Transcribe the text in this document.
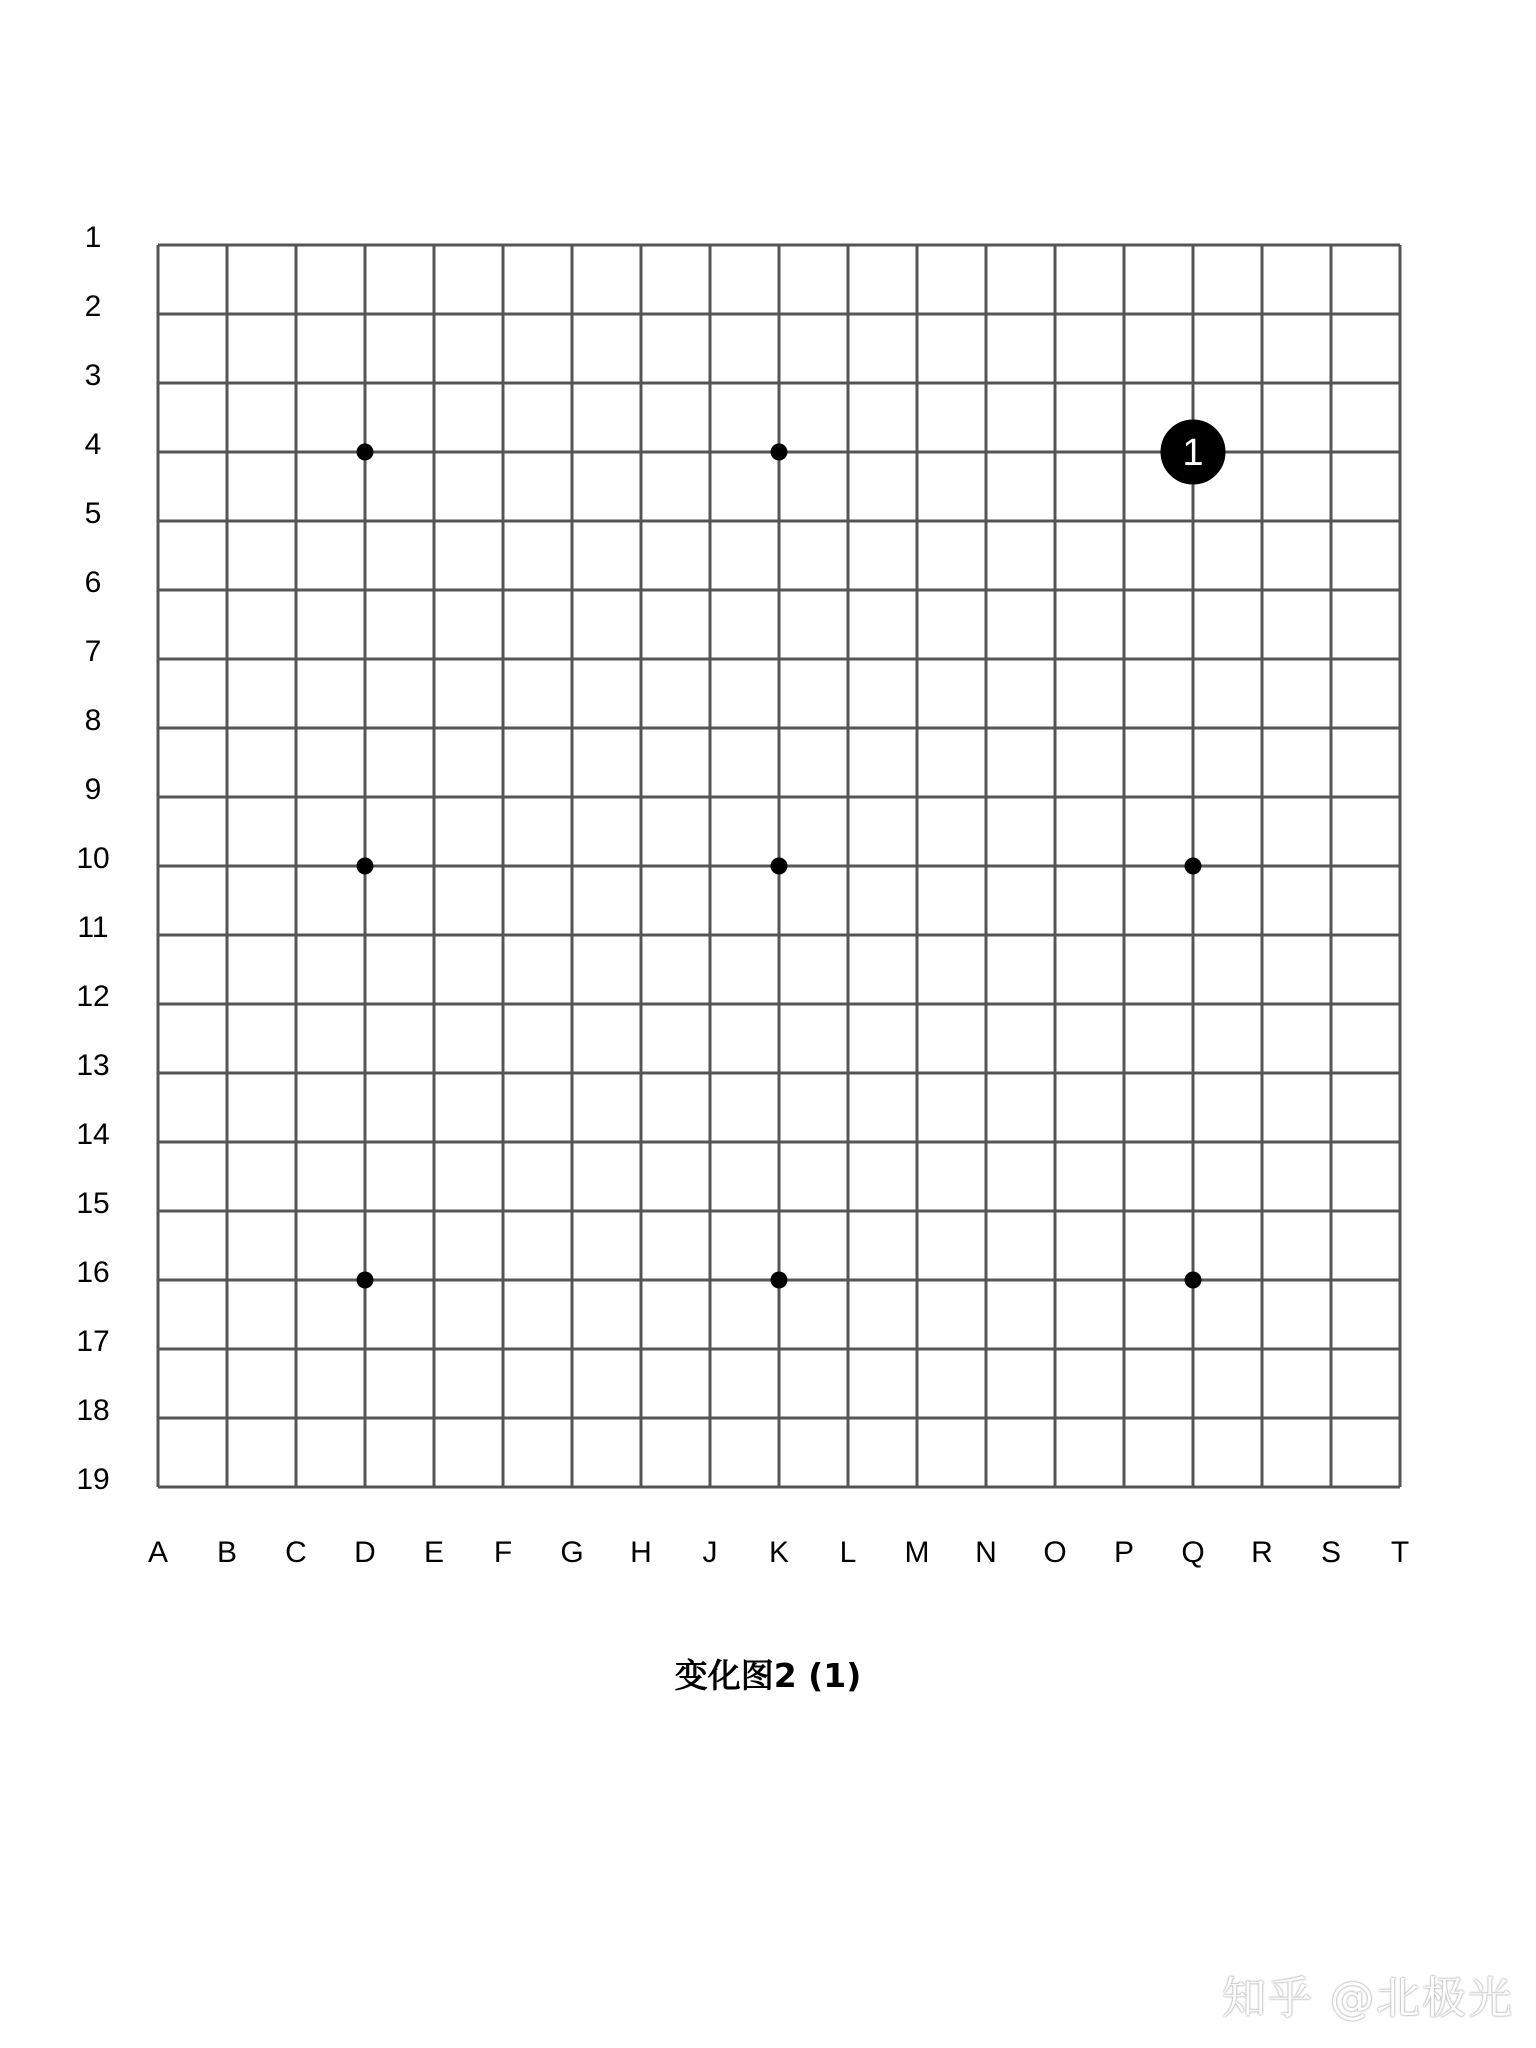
1
1
2
3
4
5
6
7
8
9
10
11
12
13
14
15
16
17
18
19
A B C D E F G H J K L M N O P Q R S T
变化图2 (1)
知乎 @北极光
